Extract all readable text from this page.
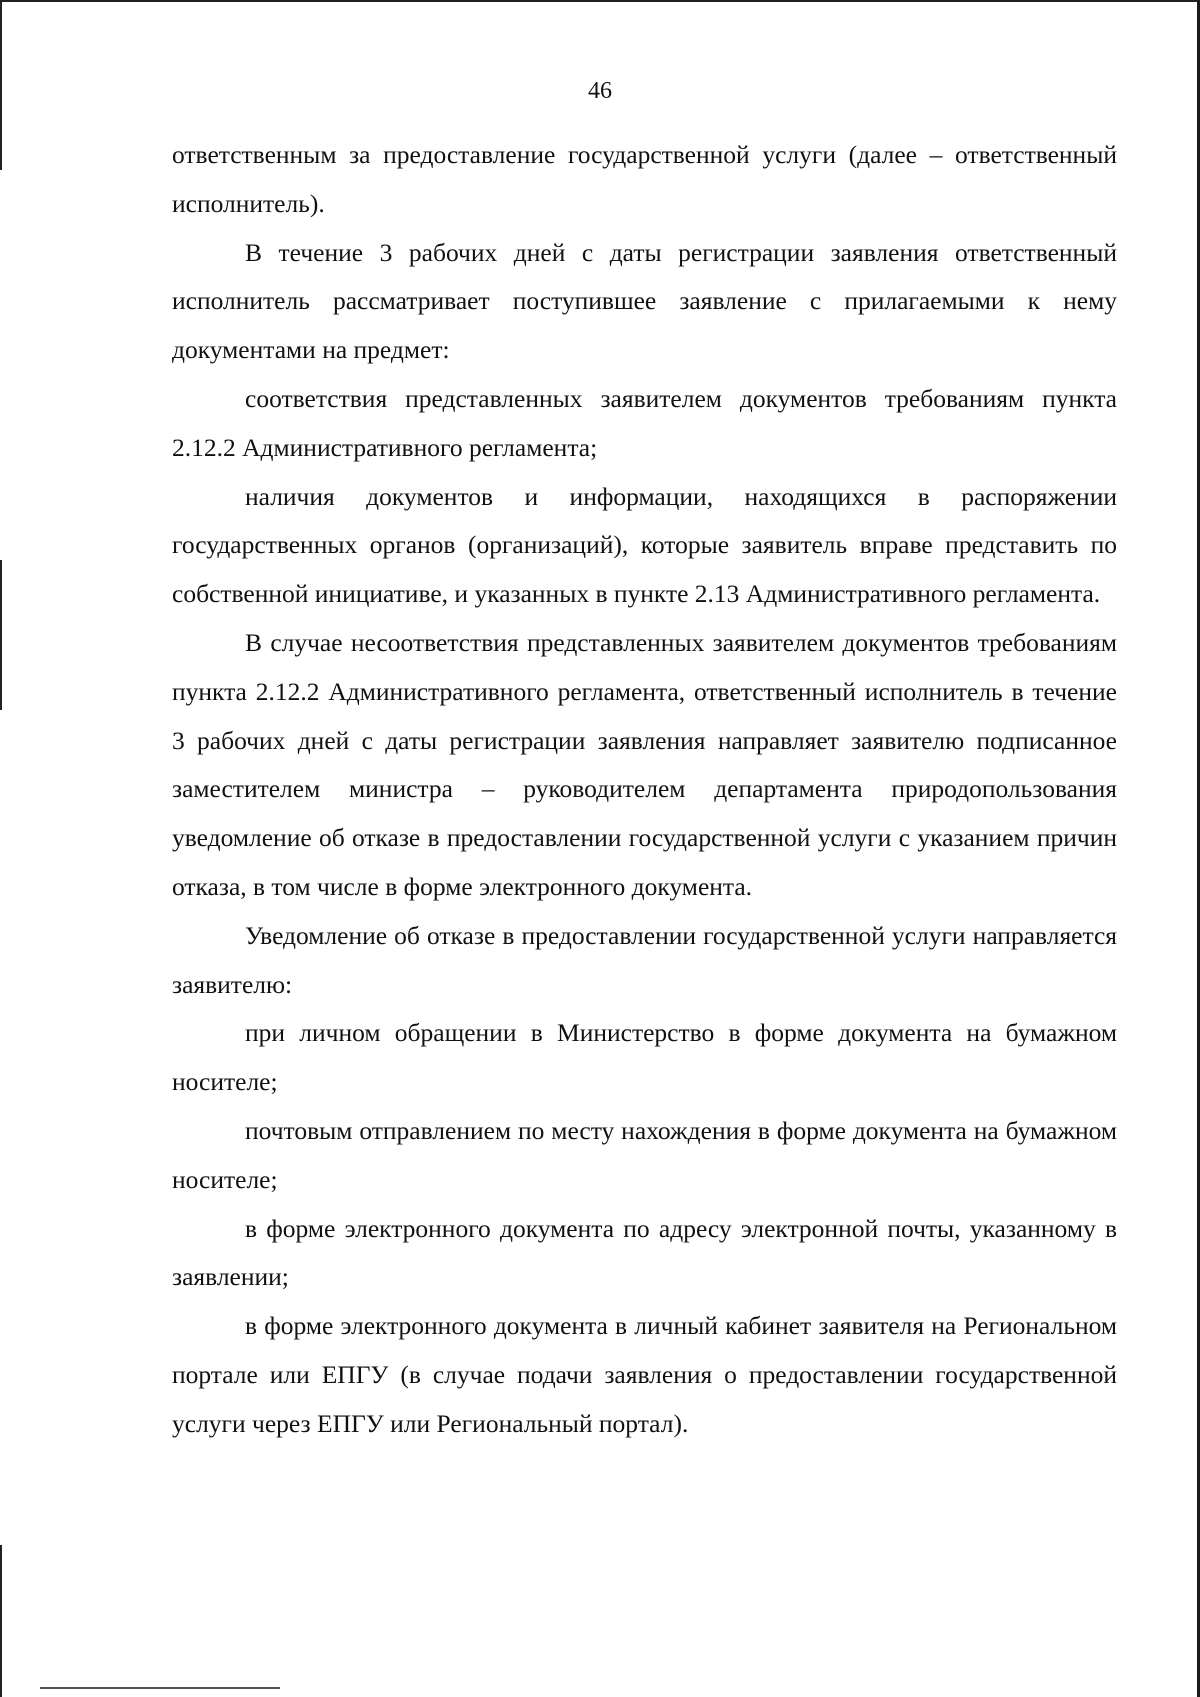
46

ответственным за предоставление государственной услуги (далее – ответственный исполнитель).

В течение 3 рабочих дней с даты регистрации заявления ответственный исполнитель рассматривает поступившее заявление с прилагаемыми к нему документами на предмет:

соответствия представленных заявителем документов требованиям пункта 2.12.2 Административного регламента;

наличия документов и информации, находящихся в распоряжении государственных органов (организаций), которые заявитель вправе представить по собственной инициативе, и указанных в пункте 2.13 Административного регламента.

В случае несоответствия представленных заявителем документов требованиям пункта 2.12.2 Административного регламента, ответственный исполнитель в течение 3 рабочих дней с даты регистрации заявления направляет заявителю подписанное заместителем министра – руководителем департамента природопользования уведомление об отказе в предоставлении государственной услуги с указанием причин отказа, в том числе в форме электронного документа.

Уведомление об отказе в предоставлении государственной услуги направляется заявителю:

при личном обращении в Министерство в форме документа на бумажном носителе;

почтовым отправлением по месту нахождения в форме документа на бумажном носителе;

в форме электронного документа по адресу электронной почты, указанному в заявлении;

в форме электронного документа в личный кабинет заявителя на Региональном портале или ЕПГУ (в случае подачи заявления о предоставлении государственной услуги через ЕПГУ или Региональный портал).
